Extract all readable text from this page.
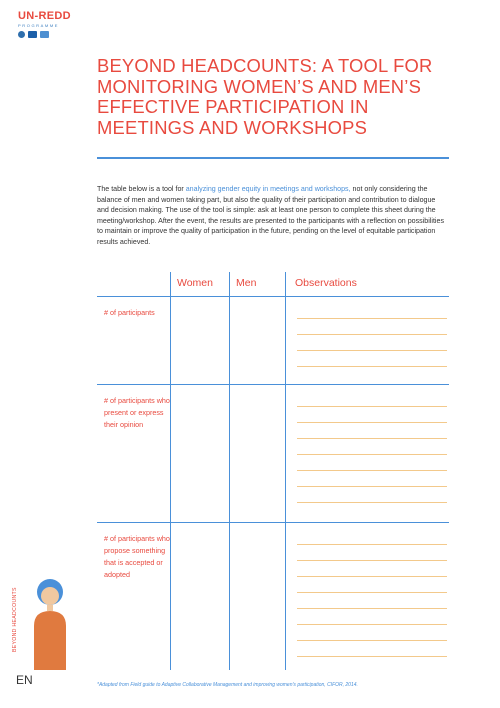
UN-REDD
PROGRAMME
BEYOND HEADCOUNTS: A TOOL FOR MONITORING WOMEN’S AND MEN’S EFFECTIVE PARTICIPATION IN MEETINGS AND WORKSHOPS

The table below is a tool for analyzing gender equity in meetings and workshops, not only considering the balance of men and women taking part, but also the quality of their participation and contribution to dialogue and decision making. The use of the tool is simple: ask at least one person to complete this sheet during the meeting/workshop. After the event, the results are presented to the participants with a reflection on possibilities to maintain or improve the quality of participation in the future, pending on the level of equitable participation results achieved.

Women Men	Observations
# of participants
# of participants who present or express their opinion
# of participants who propose something that is accepted or adopted
BEYOND HEADCOUNTS
EN	*Adapted from Field guide to Adaptive Collaborative Management and improving women's participation, CIFOR, 2014.
